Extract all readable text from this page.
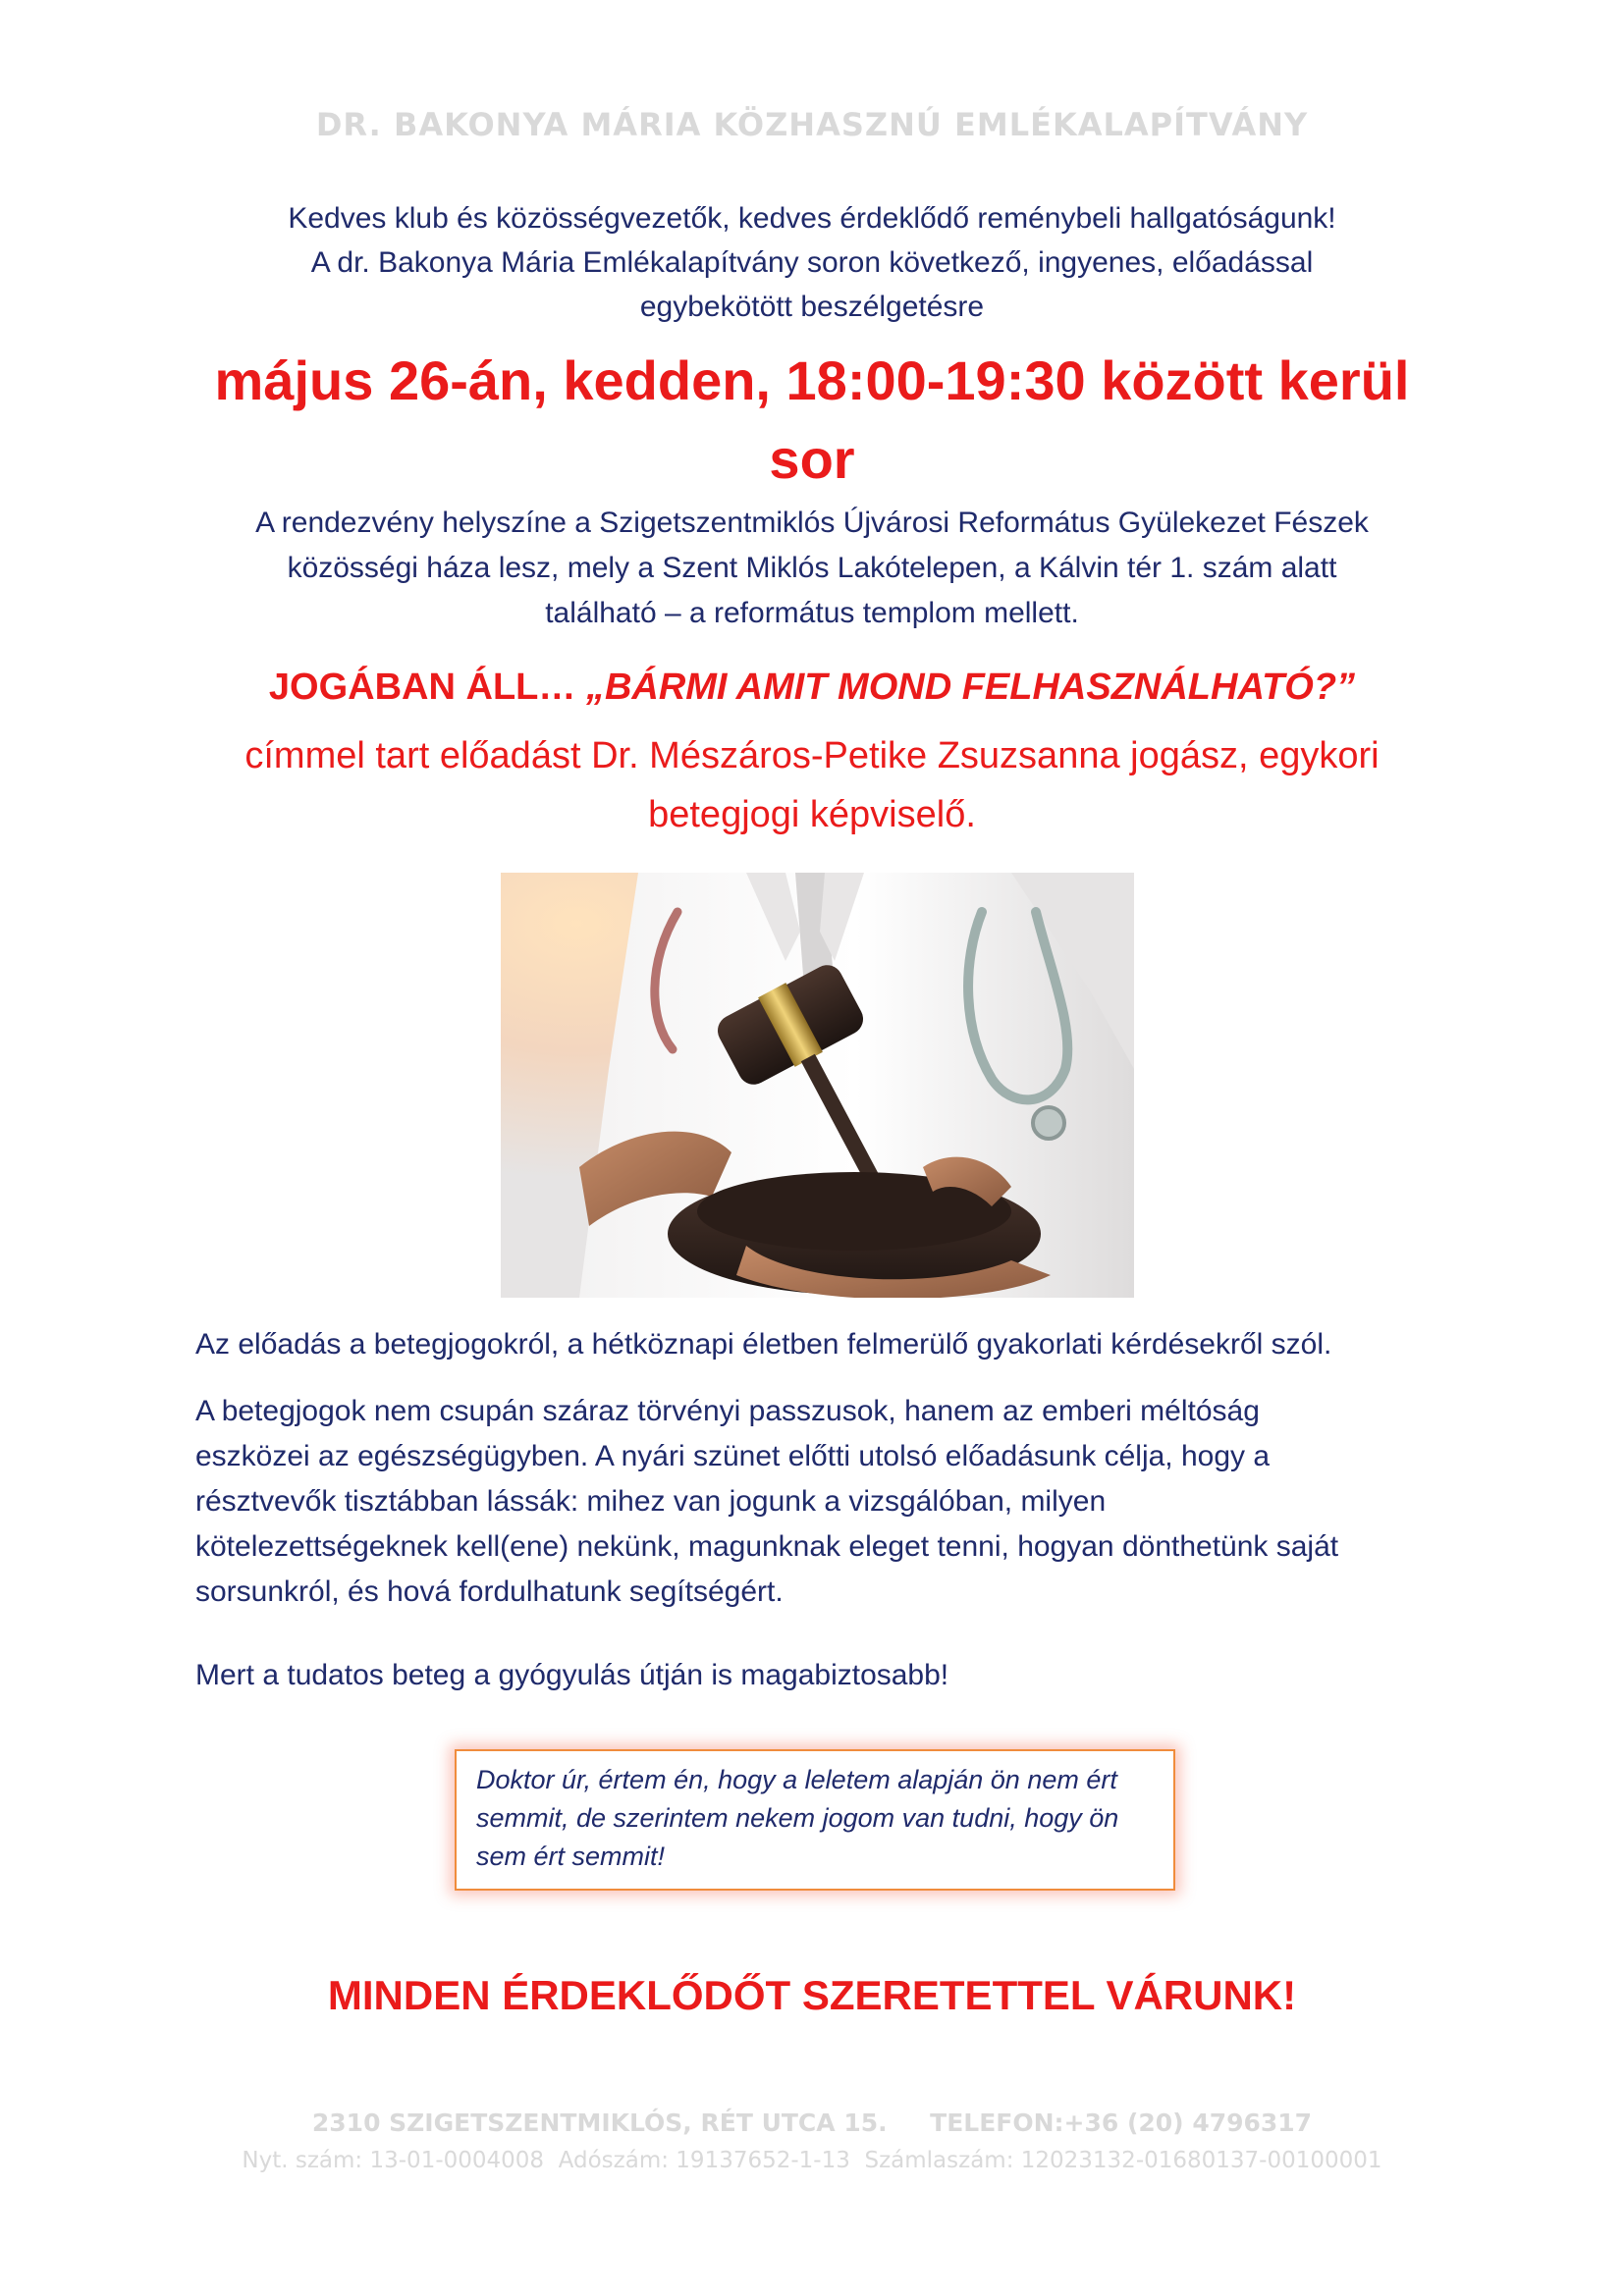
DR. BAKONYA MÁRIA KÖZHASZNÚ EMLÉKALAPÍTVÁNY
Kedves klub és közösségvezetők, kedves érdeklődő reménybeli hallgatóságunk!
A dr. Bakonya Mária Emlékalapítvány soron következő, ingyenes, előadással
egybekötött beszélgetésre
május 26-án, kedden, 18:00-19:30 között kerül
sor
A rendezvény helyszíne a Szigetszentmiklós Újvárosi Református Gyülekezet Fészek
közösségi háza lesz, mely a Szent Miklós Lakótelepen, a Kálvin tér 1. szám alatt
található – a református templom mellett.
JOGÁBAN ÁLL… „BÁRMI AMIT MOND FELHASZNÁLHATÓ?”
címmel tart előadást Dr. Mészáros-Petike Zsuzsanna jogász, egykori
betegjogi képviselő.
Az előadás a betegjogokról, a hétköznapi életben felmerülő gyakorlati kérdésekről szól.
A betegjogok nem csupán száraz törvényi passzusok, hanem az emberi méltóság
eszközei az egészségügyben. A nyári szünet előtti utolsó előadásunk célja, hogy a
résztvevők tisztábban lássák: mihez van jogunk a vizsgálóban, milyen
kötelezettségeknek kell(ene) nekünk, magunknak eleget tenni, hogyan dönthetünk saját
sorsunkról, és hová fordulhatunk segítségért.
Mert a tudatos beteg a gyógyulás útján is magabiztosabb!
Doktor úr, értem én, hogy a leletem alapján ön nem ért
semmit, de szerintem nekem jogom van tudni, hogy ön
sem ért semmit!
MINDEN ÉRDEKLŐDŐT SZERETETTEL VÁRUNK!
2310 SZIGETSZENTMIKLÓS, RÉT UTCA 15.     TELEFON:+36 (20) 4796317
Nyt. szám: 13-01-0004008  Adószám: 19137652-1-13  Számlaszám: 12023132-01680137-00100001
